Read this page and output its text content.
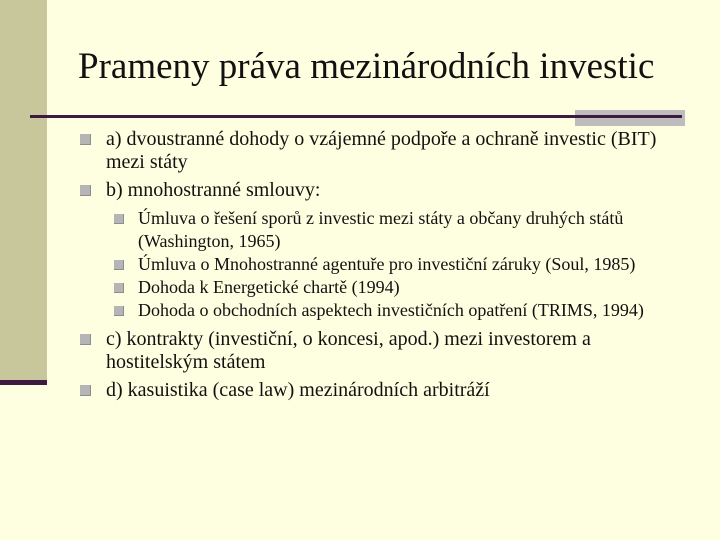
Prameny práva mezinárodních investic
a) dvoustranné dohody o vzájemné podpoře a ochraně investic (BIT) mezi státy
b) mnohostranné smlouvy:
Úmluva o řešení sporů z investic mezi státy a občany druhých států (Washington, 1965)
Úmluva o Mnohostranné agentuře pro investiční záruky (Soul, 1985)
Dohoda k Energetické chartě (1994)
Dohoda o obchodních aspektech investičních opatření (TRIMS, 1994)
c) kontrakty (investiční, o koncesi, apod.) mezi investorem a hostitelským státem
d) kasuistika (case law) mezinárodních arbitráží
